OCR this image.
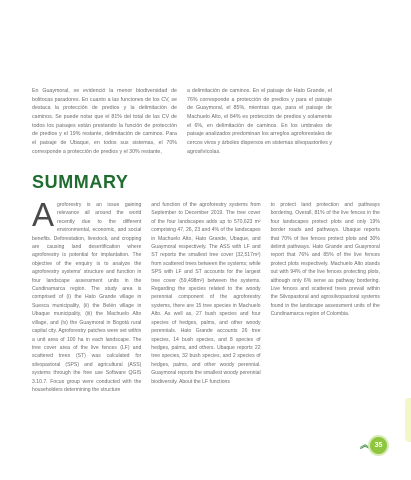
En Guaymoral, se evidenció la menor biodiversidad de bolitocas paradores. En cuanto a las funciones de los CV, se destaca la protección de predios y la delimitación de caminos. Se puede notar que el 81% del total de las CV de todos los paisajes están prestando la función de protección de predios y el 19% restante, delimitación de caminos. Para el paisaje de Ubaque, en todos sus sistemas, el 70% corresponde a protección de predios y el 30% restante,
a delimitación de caminos. En el paisaje de Hato Grande, el 76% corresponde a protección de predios y para el paisaje de Guaymoral, el 85%, mientras que, para el paisaje de Machuelo Alto, el 84% es protección de predios y solamente el 6%, en delimitación de caminos. En los umbrales de paisaje analizados predominan los arreglos agroforestales de cercos vivos y árboles dispersos en sistemas silvopastoriles y agrosilvícolas.
SUMMARY
Agroforestry is an issue gaining relevance all around the world recently due to the different environmental, economic, and social benefits. Deforestation, livestock, and cropping are causing land desertification where agroforestry is potential for implantation. The objective of the enquiry is to analyze the agroforestry systems' structure and function in four landscape assessment units in the Cundinamarca region. The study area is comprised of (i) the Hato Grande village in Suesca municipality, (ii) the Belén village in Ubaque municipality, (iii) the Machuelo Alto village, and (iv) the Guaymoral in Bogotá rural capital city. Agroforestry patches were set within a unit area of 100 ha in each landscape. The tree cover area of the live fences (LF) and scattered trees (ST) was calculated for silvopastoral (SPS) and agricultural (ASS) systems through the free use Software QGIS 3.10.7. Focus group were conducted with the householders determining the structure
and function of the agroforestry systems from September to December 2019. The tree cover of the four landscapes adds up to 570,623 m² comprising 47, 26, 23 and 4% of the landscapes in Machuelo Alto, Hato Grande, Ubaque, and Guaymoral respectively. The ASS with LF and ST reports the smallest tree cover (32,517m²) from scattered trees between the systems; while SPS with LF and ST accounts for the largest tree cover (59,498m²) between the systems. Regarding the species related to the woody perennial component of the agroforestry systems, there are 15 tree species in Machuelo Alto. As well as, 27 bush species and four species of hedges, palms, and other woody perennials. Hato Grande accounts 26 tree species, 14 bush species, and 8 species of hedges, palms, and others. Ubaque reports 22 tree species, 32 bush species, and 2 species of hedges, palms, and other woody perennial. Guaymoral reports the smallest woody perennial biodiversity. About the LF functions
to protect land protection and pathways bordering. Overall, 81% of the live fences in the four landscapes protect plots and only 19% border roads and pathways. Ubaque reports that 70% of live fences protect plots and 30% delimit pathways. Hato Grande and Guaymoral report that 76% and 85% of the live fences protect plots respectively. Machuelo Alto stands out with 94% of the live fences protecting plots, although only 6% serve as pathway bordering. Live fences and scattered trees prevail within the Silvopastoral and agrosilvopastoral systems found in the landscape assessment units of the Cundinamarca region of Colombia.
︽	35
